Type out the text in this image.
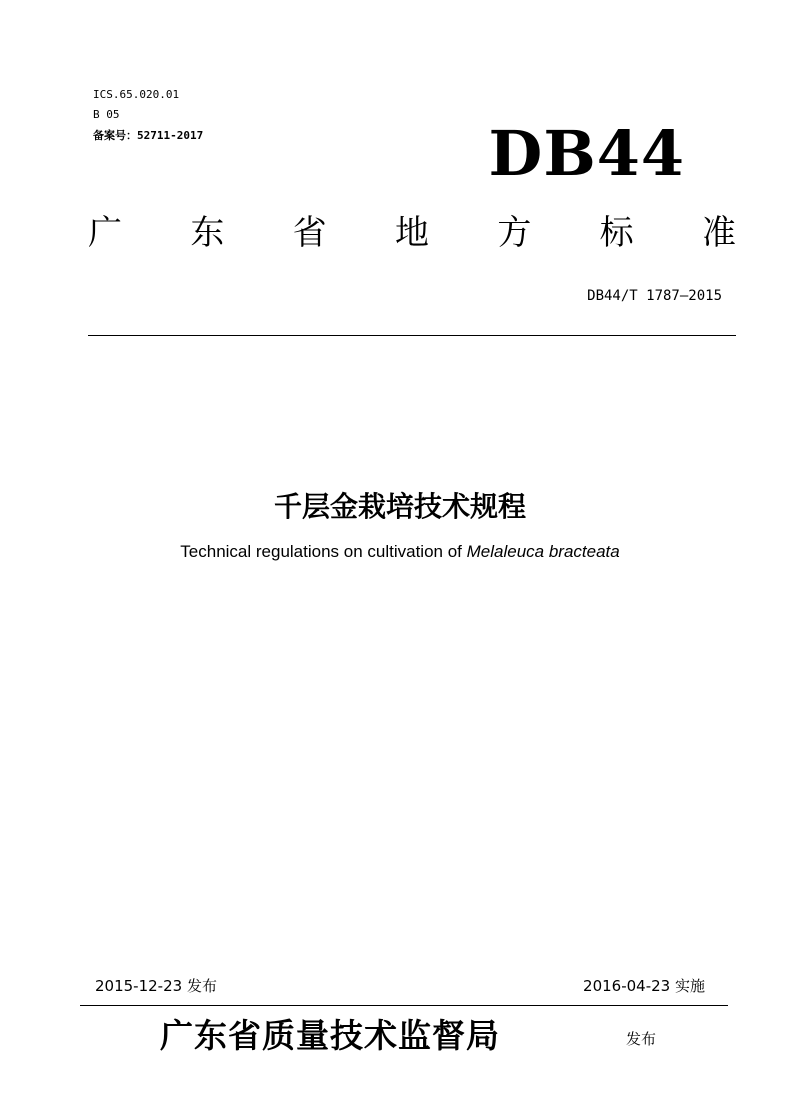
ICS.65.020.01
B 05
备案号：52711-2017	DB44
广 东 省 地 方 标 准
DB44/T 1787—2015
千层金栽培技术规程
Technical regulations on cultivation of Melaleuca bracteata
2015-12-23 发布	2016-04-23 实施
广东省质量技术监督局	发布
